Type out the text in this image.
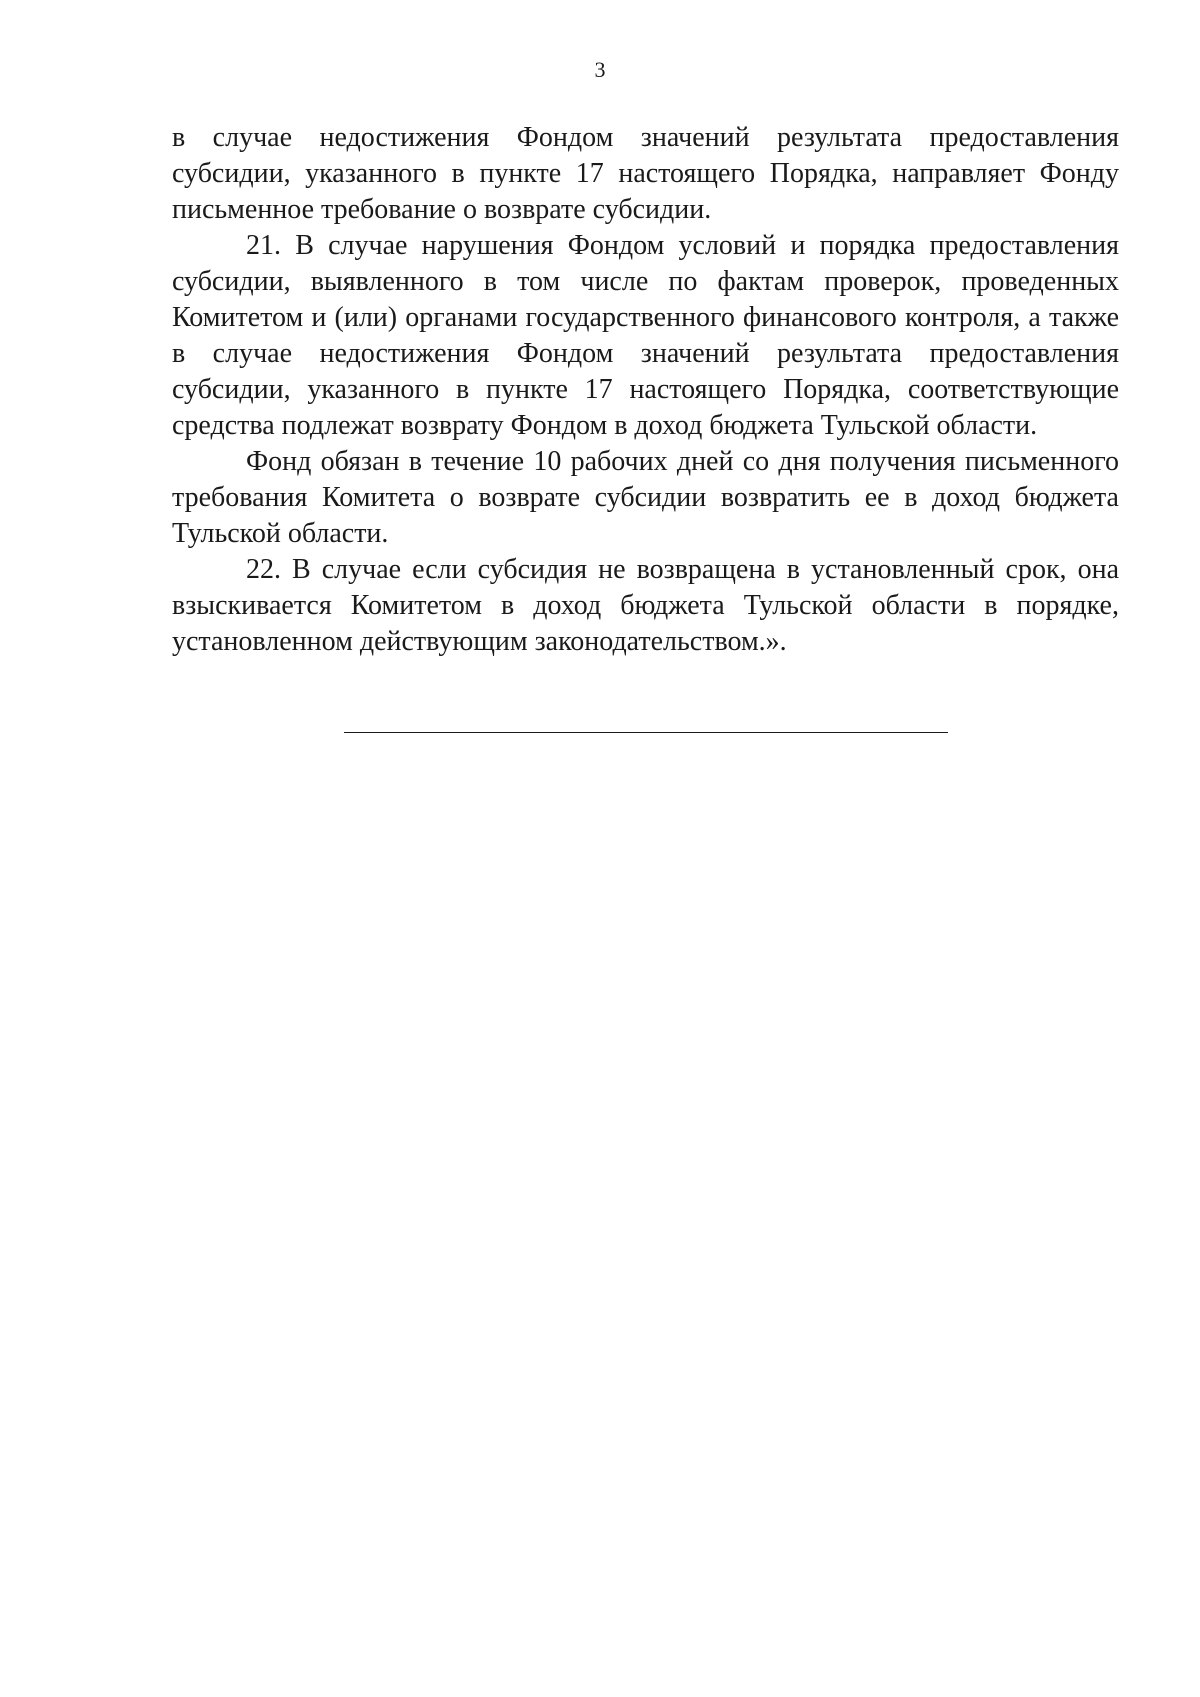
3

в случае недостижения Фондом значений результата предоставления субсидии, указанного в пункте 17 настоящего Порядка, направляет Фонду письменное требование о возврате субсидии.

21. В случае нарушения Фондом условий и порядка предоставления субсидии, выявленного в том числе по фактам проверок, проведенных Комитетом и (или) органами государственного финансового контроля, а также в случае недостижения Фондом значений результата предоставления субсидии, указанного в пункте 17 настоящего Порядка, соответствующие средства подлежат возврату Фондом в доход бюджета Тульской области.

Фонд обязан в течение 10 рабочих дней со дня получения письменного требования Комитета о возврате субсидии возвратить ее в доход бюджета Тульской области.

22. В случае если субсидия не возвращена в установленный срок, она взыскивается Комитетом в доход бюджета Тульской области в порядке, установленном действующим законодательством.».
